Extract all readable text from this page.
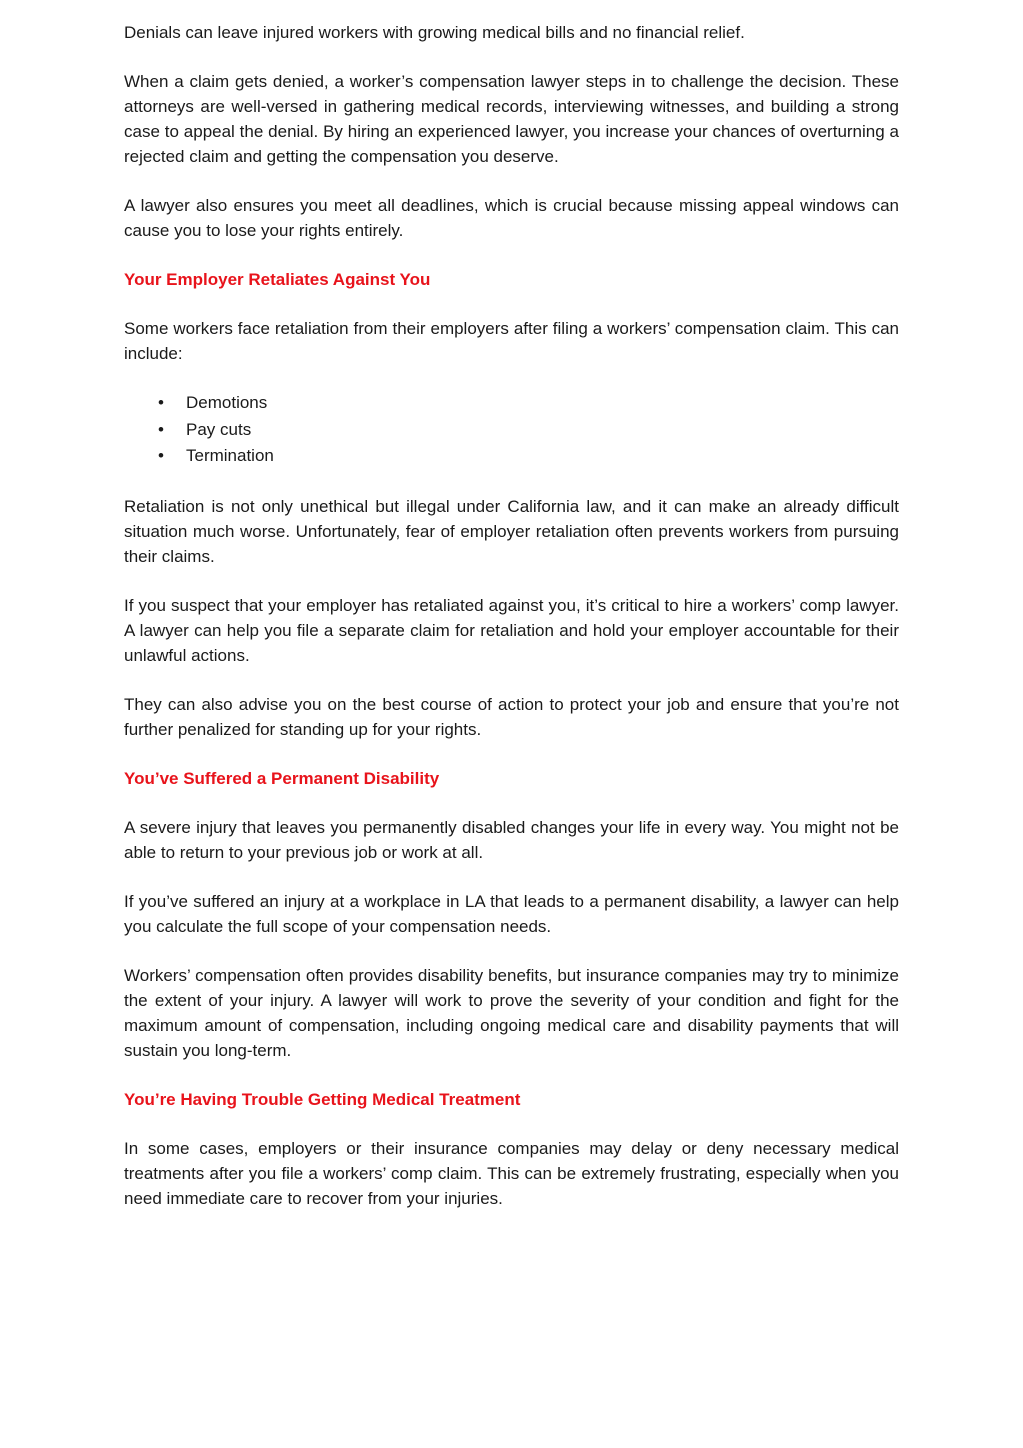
Denials can leave injured workers with growing medical bills and no financial relief.

When a claim gets denied, a worker’s compensation lawyer steps in to challenge the decision. These attorneys are well-versed in gathering medical records, interviewing witnesses, and building a strong case to appeal the denial. By hiring an experienced lawyer, you increase your chances of overturning a rejected claim and getting the compensation you deserve.

A lawyer also ensures you meet all deadlines, which is crucial because missing appeal windows can cause you to lose your rights entirely.

Your Employer Retaliates Against You

Some workers face retaliation from their employers after filing a workers’ compensation claim. This can include:

• Demotions
• Pay cuts
• Termination

Retaliation is not only unethical but illegal under California law, and it can make an already difficult situation much worse. Unfortunately, fear of employer retaliation often prevents workers from pursuing their claims.

If you suspect that your employer has retaliated against you, it’s critical to hire a workers’ comp lawyer. A lawyer can help you file a separate claim for retaliation and hold your employer accountable for their unlawful actions.

They can also advise you on the best course of action to protect your job and ensure that you’re not further penalized for standing up for your rights.

You’ve Suffered a Permanent Disability

A severe injury that leaves you permanently disabled changes your life in every way. You might not be able to return to your previous job or work at all.

If you’ve suffered an injury at a workplace in LA that leads to a permanent disability, a lawyer can help you calculate the full scope of your compensation needs.

Workers’ compensation often provides disability benefits, but insurance companies may try to minimize the extent of your injury. A lawyer will work to prove the severity of your condition and fight for the maximum amount of compensation, including ongoing medical care and disability payments that will sustain you long-term.

You’re Having Trouble Getting Medical Treatment

In some cases, employers or their insurance companies may delay or deny necessary medical treatments after you file a workers’ comp claim. This can be extremely frustrating, especially when you need immediate care to recover from your injuries.
